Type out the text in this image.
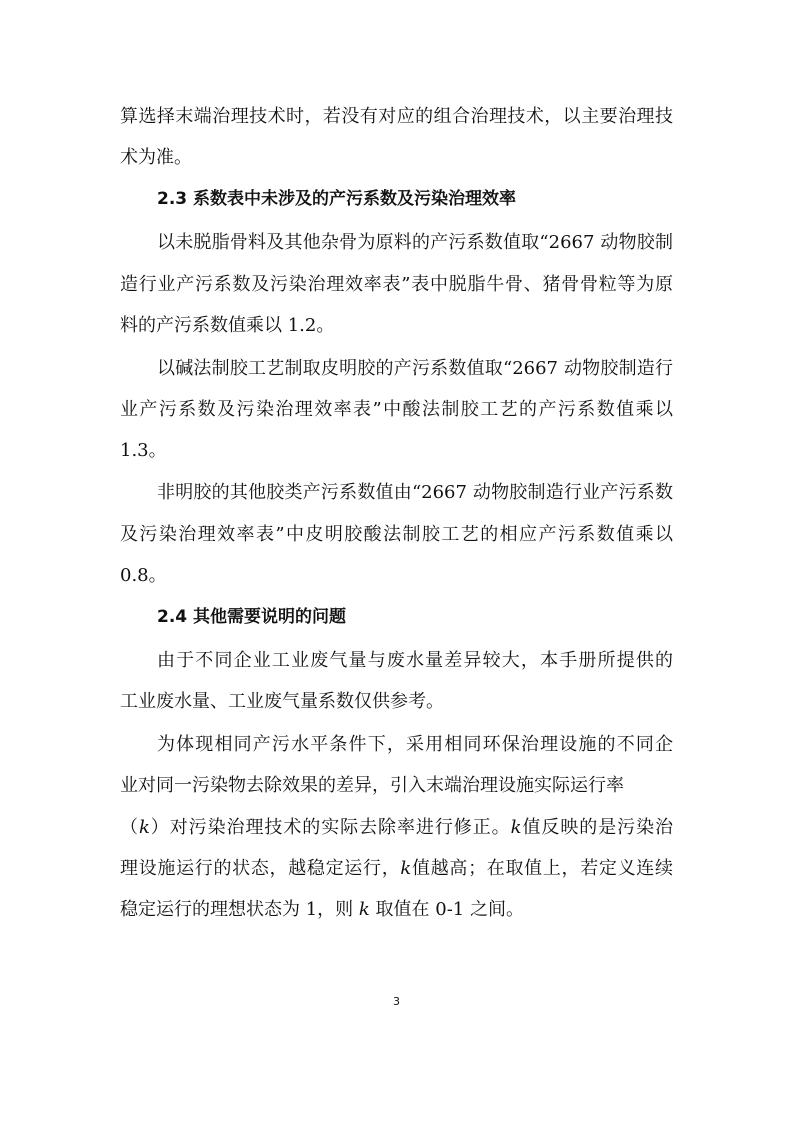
算选择末端治理技术时，若没有对应的组合治理技术，以主要治理技
术为准。
2.3 系数表中未涉及的产污系数及污染治理效率
以未脱脂骨料及其他杂骨为原料的产污系数值取“2667 动物胶制
造行业产污系数及污染治理效率表”表中脱脂牛骨、猪骨骨粒等为原
料的产污系数值乘以 1.2。
以碱法制胶工艺制取皮明胶的产污系数值取“2667 动物胶制造行
业产污系数及污染治理效率表”中酸法制胶工艺的产污系数值乘以
1.3。
非明胶的其他胶类产污系数值由“2667 动物胶制造行业产污系数
及污染治理效率表”中皮明胶酸法制胶工艺的相应产污系数值乘以
0.8。
2.4 其他需要说明的问题
由于不同企业工业废气量与废水量差异较大，本手册所提供的
工业废水量、工业废气量系数仅供参考。
为体现相同产污水平条件下，采用相同环保治理设施的不同企
业对同一污染物去除效果的差异，引入末端治理设施实际运行率
（k）对污染治理技术的实际去除率进行修正。k值反映的是污染治
理设施运行的状态，越稳定运行，k值越高；在取值上，若定义连续
稳定运行的理想状态为 1，则 k 取值在 0-1 之间。
3
